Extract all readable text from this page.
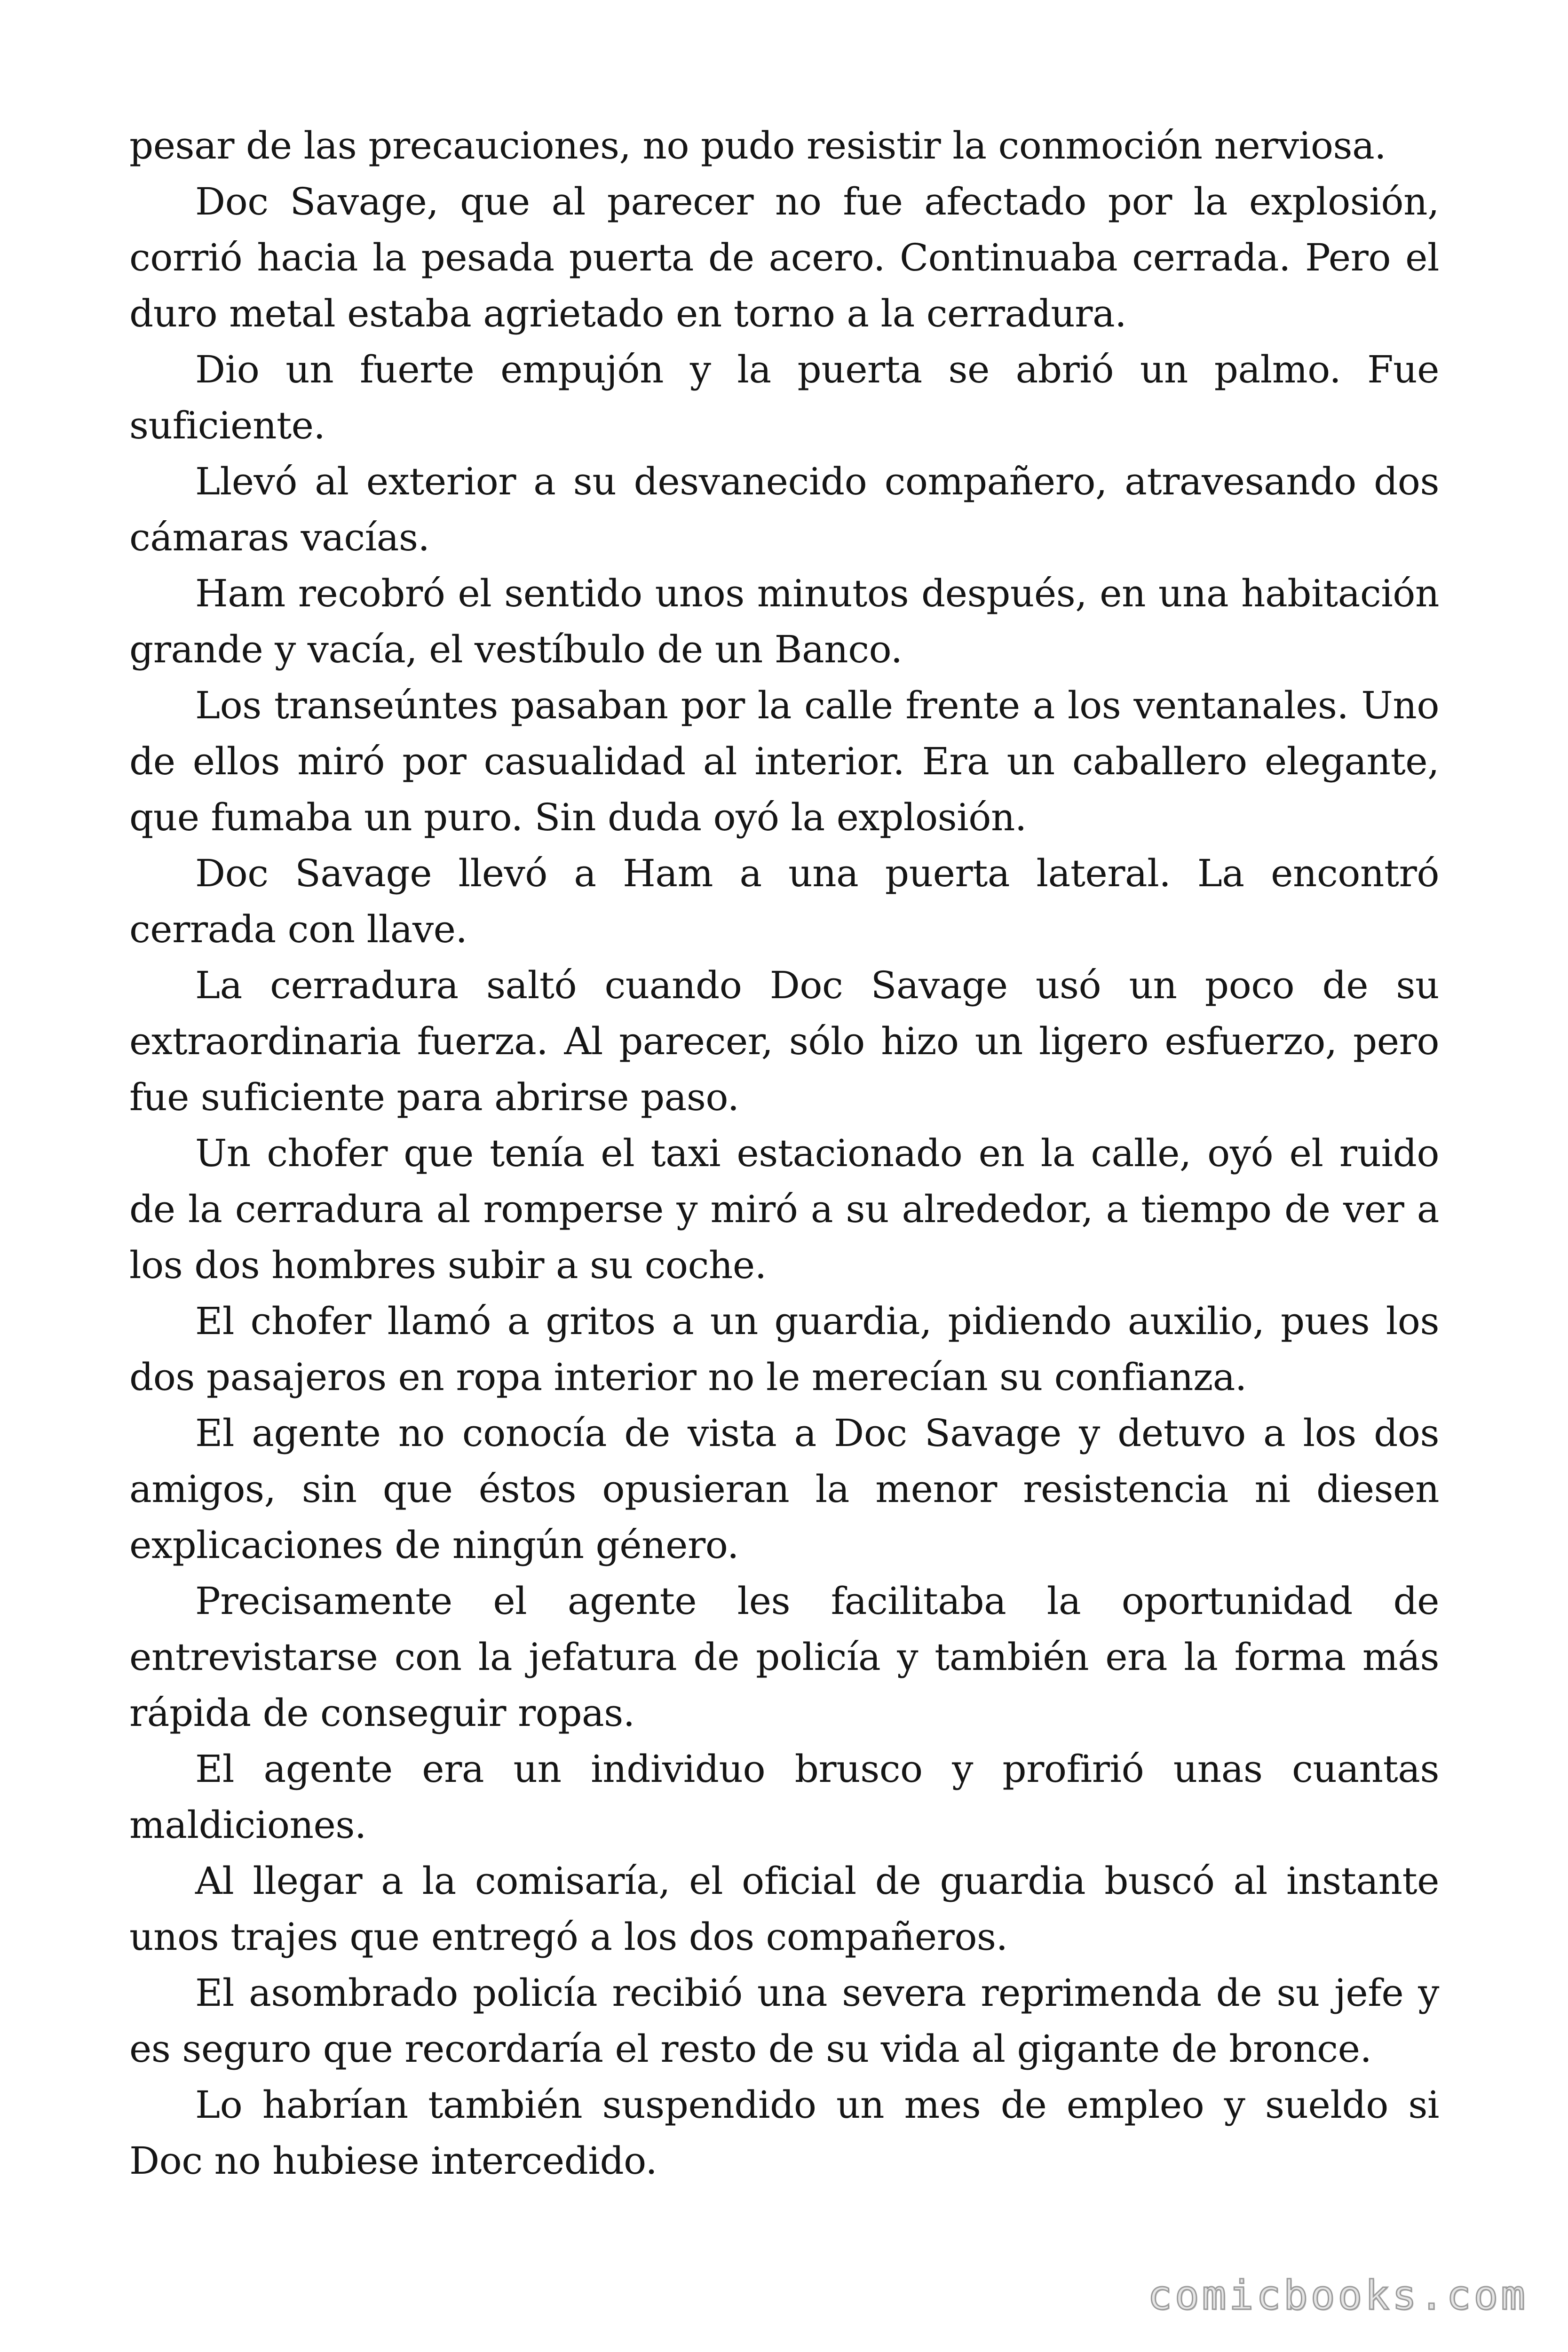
pesar de las precauciones, no pudo resistir la conmoción nerviosa.

Doc Savage, que al parecer no fue afectado por la explosión, corrió hacia la pesada puerta de acero. Continuaba cerrada. Pero el duro metal estaba agrietado en torno a la cerradura.

Dio un fuerte empujón y la puerta se abrió un palmo. Fue suficiente.

Llevó al exterior a su desvanecido compañero, atravesando dos cámaras vacías.

Ham recobró el sentido unos minutos después, en una habitación grande y vacía, el vestíbulo de un Banco.

Los transeúntes pasaban por la calle frente a los ventanales. Uno de ellos miró por casualidad al interior. Era un caballero elegante, que fumaba un puro. Sin duda oyó la explosión.

Doc Savage llevó a Ham a una puerta lateral. La encontró cerrada con llave.

La cerradura saltó cuando Doc Savage usó un poco de su extraordinaria fuerza. Al parecer, sólo hizo un ligero esfuerzo, pero fue suficiente para abrirse paso.

Un chofer que tenía el taxi estacionado en la calle, oyó el ruido de la cerradura al romperse y miró a su alrededor, a tiempo de ver a los dos hombres subir a su coche.

El chofer llamó a gritos a un guardia, pidiendo auxilio, pues los dos pasajeros en ropa interior no le merecían su confianza.

El agente no conocía de vista a Doc Savage y detuvo a los dos amigos, sin que éstos opusieran la menor resistencia ni diesen explicaciones de ningún género.

Precisamente el agente les facilitaba la oportunidad de entrevistarse con la jefatura de policía y también era la forma más rápida de conseguir ropas.

El agente era un individuo brusco y profirió unas cuantas maldiciones.

Al llegar a la comisaría, el oficial de guardia buscó al instante unos trajes que entregó a los dos compañeros.

El asombrado policía recibió una severa reprimenda de su jefe y es seguro que recordaría el resto de su vida al gigante de bronce.

Lo habrían también suspendido un mes de empleo y sueldo si Doc no hubiese intercedido.

comicbooks.com
